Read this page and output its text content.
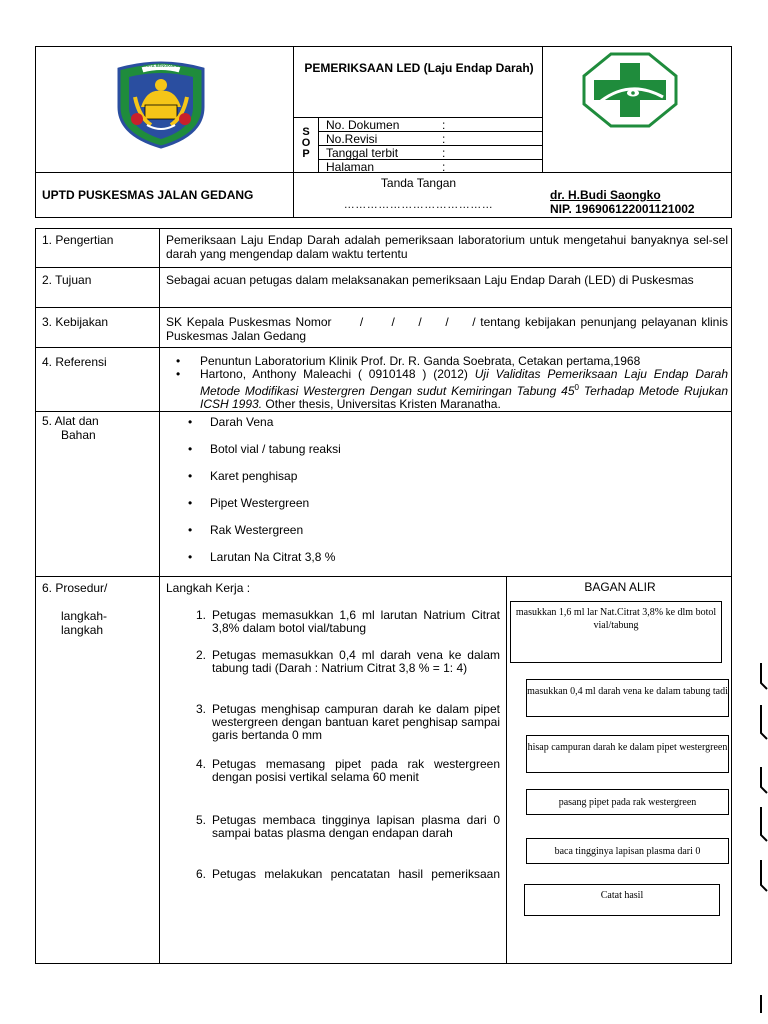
KOTA BENGKULU	PEMERIKSAAN LED (Laju Endap Darah)
S
O
P
No. Dokumen	:
No.Revisi	:
Tanggal terbit	:
Halaman	:
UPTD PUSKESMAS JALAN GEDANG
Tanda Tangan
…………………………………
dr. H.Budi Saongko
NIP. 196906122001121002
1. Pengertian	Pemeriksaan Laju Endap Darah adalah pemeriksaan laboratorium untuk mengetahui banyaknya sel-sel darah yang mengendap dalam waktu tertentu
2. Tujuan	Sebagai acuan petugas dalam melaksanakan pemeriksaan Laju Endap Darah (LED) di Puskesmas
3. Kebijakan	SK Kepala Puskesmas Nomor      /      /     /     /     / tentang kebijakan penunjang pelayanan klinis Puskesmas Jalan Gedang
4. Referensi
•	Penuntun Laboratorium Klinik Prof. Dr. R. Ganda Soebrata, Cetakan pertama,1968
• Hartono, Anthony Maleachi ( 0910148 ) (2012) Uji Validitas Pemeriksaan Laju Endap Darah Metode Modifikasi Westergren Dengan sudut Kemiringan Tabung $45^0$ Terhadap Metode Rujukan ICSH 1993. Other thesis, Universitas Kristen Maranatha.
5. Alat dan
Bahan
• Darah Vena
• Botol vial / tabung reaksi
• Karet penghisap
• Pipet Westergreen
• Rak Westergreen
• Larutan Na Citrat 3,8 %
6. Prosedur/
langkah-
langkah
Langkah Kerja :
1. Petugas memasukkan 1,6 ml larutan Natrium Citrat 3,8% dalam botol vial/tabung
2. Petugas memasukkan 0,4 ml darah vena ke dalam tabung tadi (Darah : Natrium Citrat 3,8 % = 1: 4)
3. Petugas menghisap campuran darah ke dalam pipet westergreen dengan bantuan karet penghisap sampai garis bertanda 0 mm
4. Petugas memasang pipet pada rak westergreen dengan posisi vertikal selama 60 menit
5. Petugas membaca tingginya lapisan plasma dari 0 sampai batas plasma dengan endapan darah
6. Petugas melakukan pencatatan hasil pemeriksaan
BAGAN ALIR
masukkan 1,6 ml lar Nat.Citrat 3,8% ke dlm botol vial/tabung
masukkan 0,4 ml darah vena ke dalam tabung tadi
hisap campuran darah ke dalam pipet westergreen
pasang pipet pada rak westergreen
baca tingginya lapisan plasma dari 0
Catat hasil
